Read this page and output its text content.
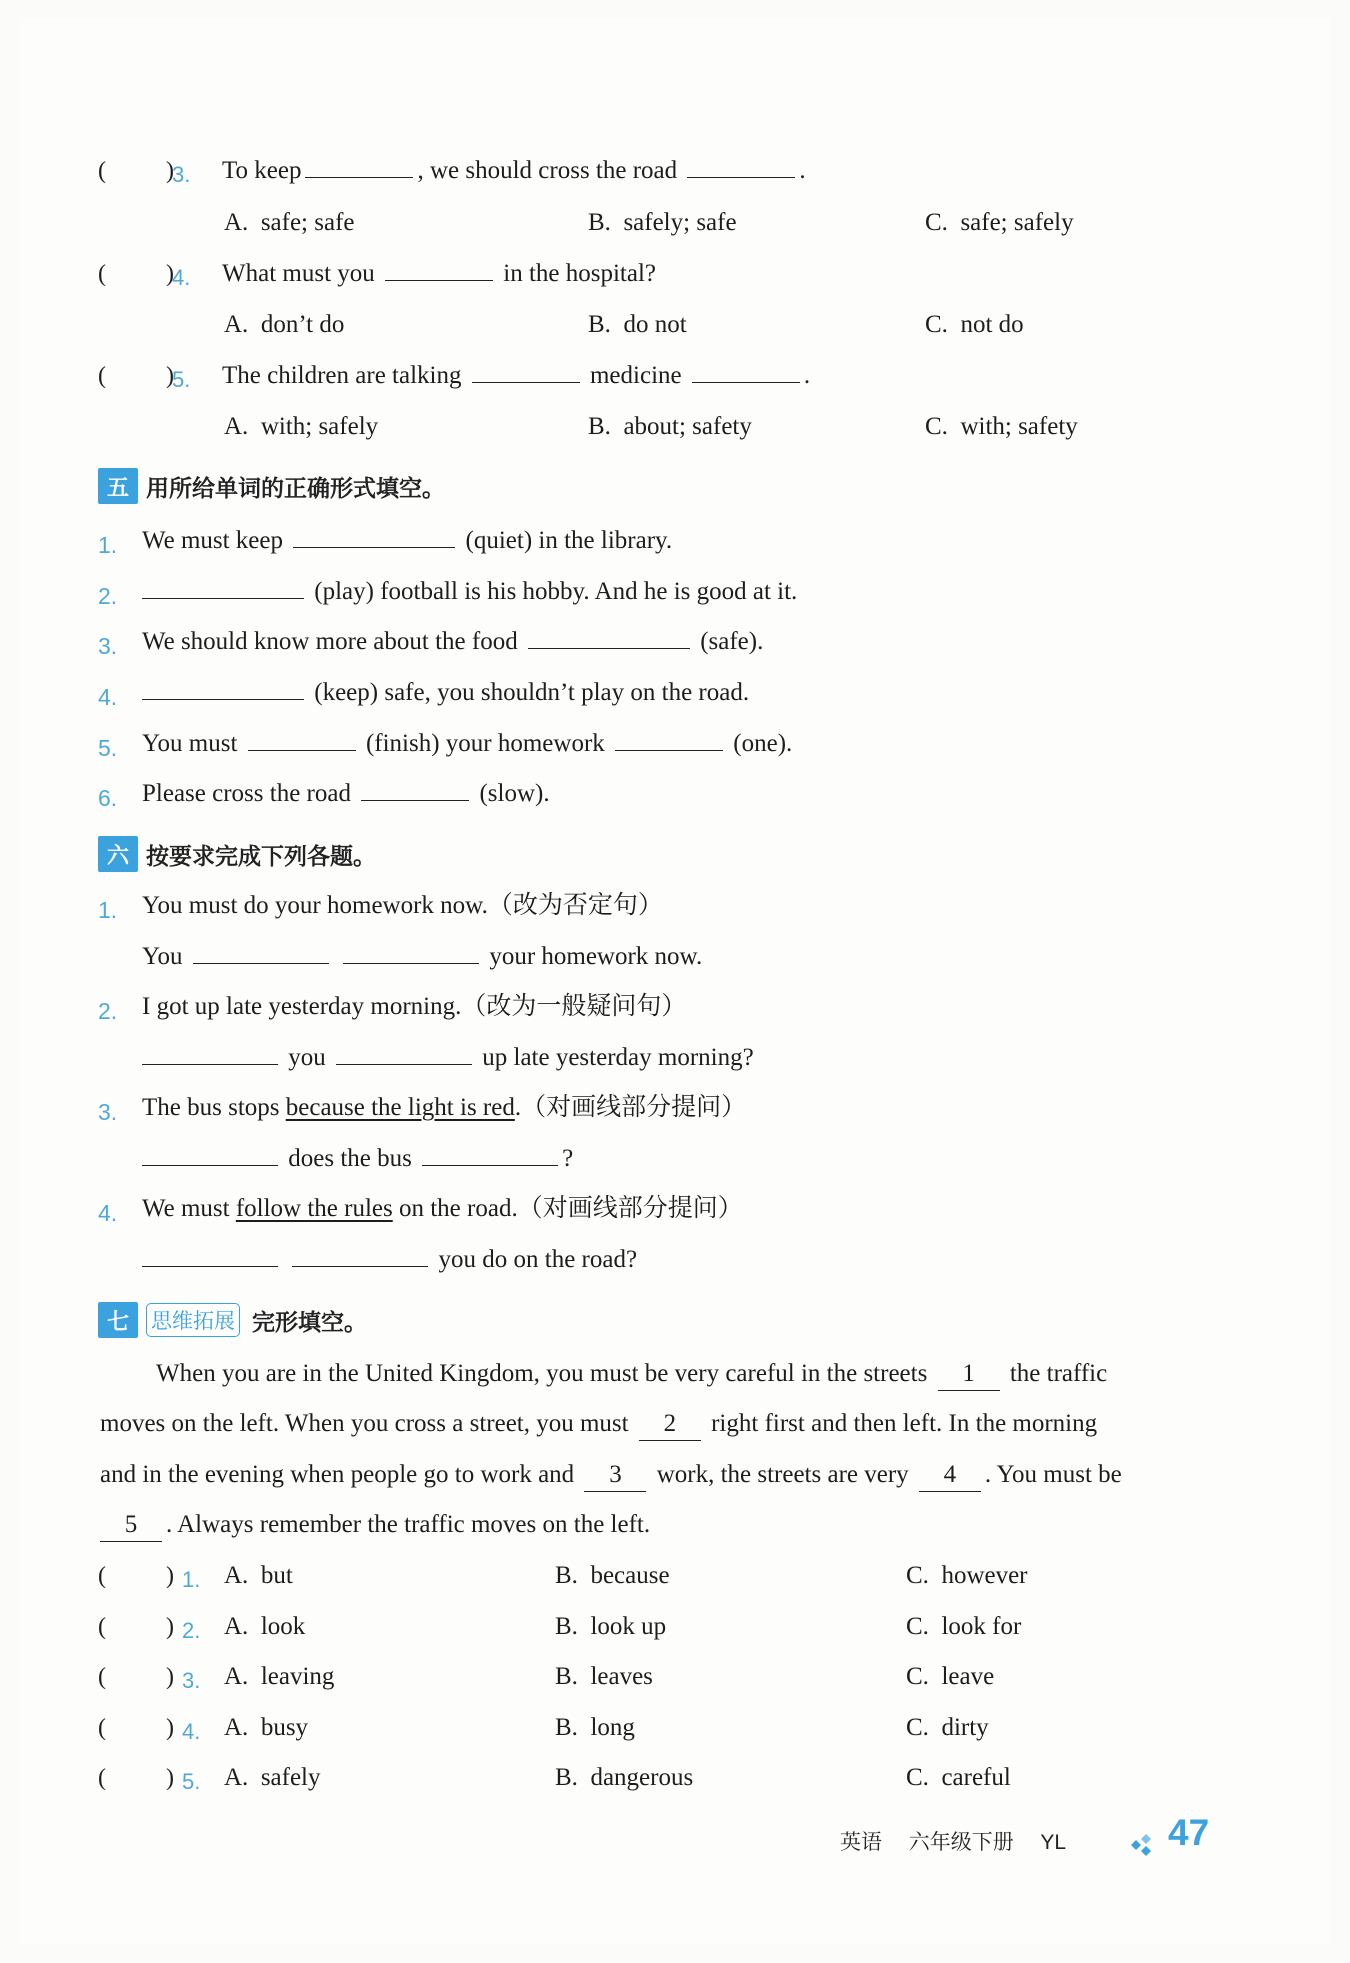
(	)
3. To keep	, we should cross the road	.
A. safe; safe	B. safely; safe	C. safe; safely
(	)
4. What must you	in the hospital?
A. don’t do	B. do not	C. not do
(	)
5. The children are talking	medicine	.
A. with; safely	B. about; safety	C. with; safety
五 用所给单词的正确形式填空。
1. We must keep	(quiet) in the library.
2.	(play) football is his hobby. And he is good at it.
3. We should know more about the food	(safe).
4.	(keep) safe, you shouldn’t play on the road.
5. You must	(finish) your homework	(one).
6. Please cross the road	(slow).
六 按要求完成下列各题。
1. You must do your homework now.（改为否定句）
You	your homework now.
2. I got up late yesterday morning.（改为一般疑问句）
you	up late yesterday morning?
3. The bus stops because the light is red.（对画线部分提问）
does the bus	?
4. We must follow the rules on the road.（对画线部分提问）
you do on the road?
七	思维拓展 完形填空。
When you are in the United Kingdom, you must be very careful in the streets 1 the traffic
moves on the left. When you cross a street, you must 2 right first and then left. In the morning
and in the evening when people go to work and 3 work, the streets are very 4 . You must be
5 . Always remember the traffic moves on the left.
(	) 1. A. but	B. because	C. however
(	) 2. A. look	B. look up	C. look for
(	) 3. A. leaving	B. leaves	C. leave
(	) 4. A. busy	B. long	C. dirty
(	) 5. A. safely	B. dangerous	C. careful
英语 六年级下册 YL	47
